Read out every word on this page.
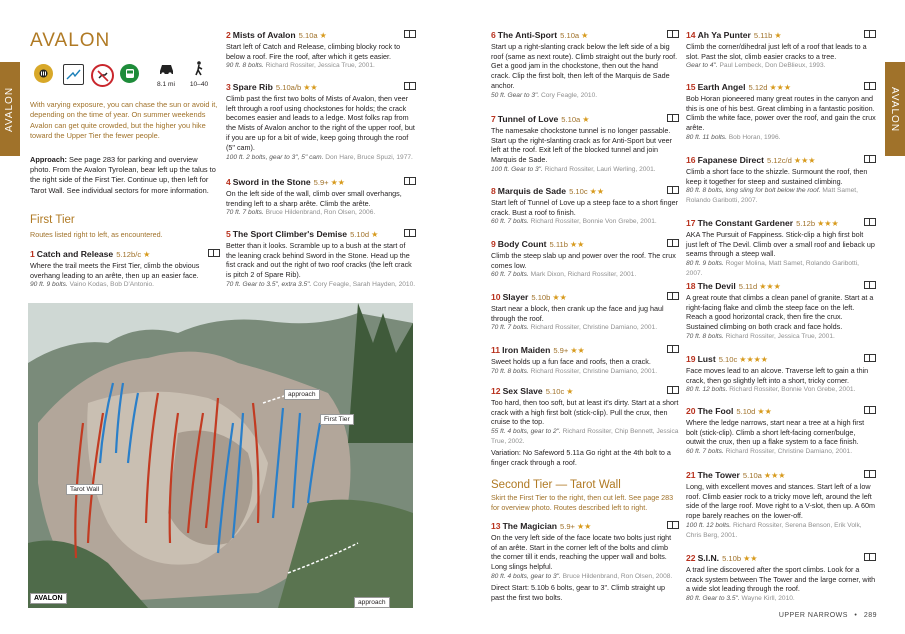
AVALON	AVALON
AVALON
8.1 mi	10–40
With varying exposure, you can chase the sun or avoid it, depending on the time of year. On summer weekends Avalon can get quite crowded, but the higher you hike toward the Upper Tier the fewer people.
Approach: See page 283 for parking and overview photo. From the Avalon Tyrolean, bear left up the talus to the right side of the First Tier. Continue up, then left for Tarot Wall. See individual sectors for more information.
First Tier
Routes listed right to left, as encountered.
Second Tier — Tarot Wall
Skirt the First Tier to the right, then cut left. See page 283 for overview photo. Routes described left to right.
AVALON
First Tier
Tarot Wall
approach
approach
1 Catch and Release 5.12b/c ★
Where the trail meets the First Tier, climb the obvious overhang leading to an arête, then up an easier face.
90 ft. 9 bolts. Vaino Kodas, Bob D'Antonio.
2 Mists of Avalon 5.10a ★
Start left of Catch and Release, climbing blocky rock to below a roof. Fire the roof, after which it gets easier.
90 ft. 8 bolts. Richard Rossiter, Jessica True, 2001.
3 Spare Rib 5.10a/b ★★
Climb past the first two bolts of Mists of Avalon, then veer left through a roof using chockstones for holds; the crack becomes easier and leads to a ledge. Most folks rap from the Mists of Avalon anchor to the right of the upper roof, but if you are up for a bit of wide, keep going through the roof (5" cam).
100 ft. 2 bolts, gear to 3", 5" cam. Don Hare, Bruce Spuzi, 1977.
4 Sword in the Stone 5.9+ ★★
On the left side of the wall, climb over small overhangs, trending left to a sharp arête. Climb the arête.
70 ft. 7 bolts. Bruce Hildenbrand, Ron Olsen, 2006.
5 The Sport Climber's Demise 5.10d ★
Better than it looks. Scramble up to a bush at the start of the leaning crack behind Sword in the Stone. Head up the fist crack and out the right of two roof cracks (the left crack is pitch 2 of Spare Rib).
70 ft. Gear to 3.5", extra 3.5". Cory Feagle, Sarah Hayden, 2010.
6 The Anti-Sport 5.10a ★
Start up a right-slanting crack below the left side of a big roof (same as next route). Climb straight out the burly roof. Get a good jam in the chockstone, then out the hand crack. Clip the first bolt, then left of the Marquis de Sade anchor.
50 ft. Gear to 3". Cory Feagle, 2010.
7 Tunnel of Love 5.10a ★
The namesake chockstone tunnel is no longer passable. Start up the right-slanting crack as for Anti-Sport but veer left at the roof. Exit left of the blocked tunnel and join Marquis de Sade.
100 ft. Gear to 3". Richard Rossiter, Lauri Werling, 2001.
8 Marquis de Sade 5.10c ★★
Start left of Tunnel of Love up a steep face to a short finger crack. Bust a roof to finish.
60 ft. 7 bolts. Richard Rossiter, Bonnie Von Grebe, 2001.
9 Body Count 5.11b ★★
Climb the steep slab up and power over the roof. The crux comes low.
60 ft. 7 bolts. Mark Dixon, Richard Rossiter, 2001.
10 Slayer 5.10b ★★
Start near a block, then crank up the face and jug haul through the roof.
70 ft. 7 bolts. Richard Rossiter, Christine Damiano, 2001.
11 Iron Maiden 5.9+ ★★
Sweet holds up a fun face and roofs, then a crack.
70 ft. 8 bolts. Richard Rossiter, Christine Damiano, 2001.
12 Sex Slave 5.10c ★
Too hard, then too soft, but at least it's dirty. Start at a short crack with a high first bolt (stick-clip). Pull the crux, then cruise to the top.
55 ft. 4 bolts, gear to 2". Richard Rossiter, Chip Bennett, Jessica True, 2002.
Variation: No Safeword 5.11a Go right at the 4th bolt to a finger crack through a roof.
13 The Magician 5.9+ ★★
On the very left side of the face locate two bolts just right of an arête. Start in the corner left of the bolts and climb the corner till it ends, reaching the upper wall and bolts. Long slings helpful.
80 ft. 4 bolts, gear to 3". Bruce Hildenbrand, Ron Olsen, 2008.
Direct Start: 5.10b 6 bolts, gear to 3". Climb straight up past the first two bolts.
14 Ah Ya Punter 5.11b ★
Climb the corner/dihedral just left of a roof that leads to a slot. Past the slot, climb easier cracks to a tree.
Gear to 4". Paul Lembeck, Don DeBlieux, 1993.
15 Earth Angel 5.12d ★★★
Bob Horan pioneered many great routes in the canyon and this is one of his best. Great climbing in a fantastic position. Climb the white face, power over the roof, and gain the crux arête.
80 ft. 11 bolts. Bob Horan, 1996.
16 Fapanese Direct 5.12c/d ★★★
Climb a short face to the shizzle. Surmount the roof, then keep it together for steep and sustained climbing.
80 ft. 8 bolts, long sling for bolt below the roof. Matt Samet, Rolando Garibotti, 2007.
17 The Constant Gardener 5.12b ★★★
AKA The Pursuit of Fappiness. Stick-clip a high first bolt just left of The Devil. Climb over a small roof and lieback up seams through a steep wall.
80 ft. 9 bolts. Roger Molina, Matt Samet, Rolando Garibotti, 2007.
18 The Devil 5.11d ★★★
A great route that climbs a clean panel of granite. Start at a right-facing flake and climb the steep face on the left. Reach a good horizontal crack, then fire the crux. Sustained climbing on both crack and face holds.
70 ft. 8 bolts. Richard Rossiter, Jessica True, 2001.
19 Lust 5.10c ★★★★
Face moves lead to an alcove. Traverse left to gain a thin crack, then go slightly left into a short, tricky corner.
80 ft. 12 bolts. Richard Rossiter, Bonnie Von Grebe, 2001.
20 The Fool 5.10d ★★
Where the ledge narrows, start near a tree at a high first bolt (stick-clip). Climb a short left-facing corner/bulge, outwit the crux, then up a flake system to a face finish.
60 ft. 7 bolts. Richard Rossiter, Christine Damiano, 2001.
21 The Tower 5.10a ★★★
Long, with excellent moves and stances. Start left of a low roof. Climb easier rock to a tricky move left, around the left side of the large roof. Move right to a V-slot, then up. A 60m rope barely reaches on the lower-off.
100 ft. 12 bolts. Richard Rossiter, Serena Benson, Erik Volk, Chris Berg, 2001.
22 S.I.N. 5.10b ★★
A trad line discovered after the sport climbs. Look for a crack system between The Tower and the large corner, with a wide slot leading through the roof.
80 ft. Gear to 3.5". Wayne Kirll, 2010.
UPPER NARROWS • 289
